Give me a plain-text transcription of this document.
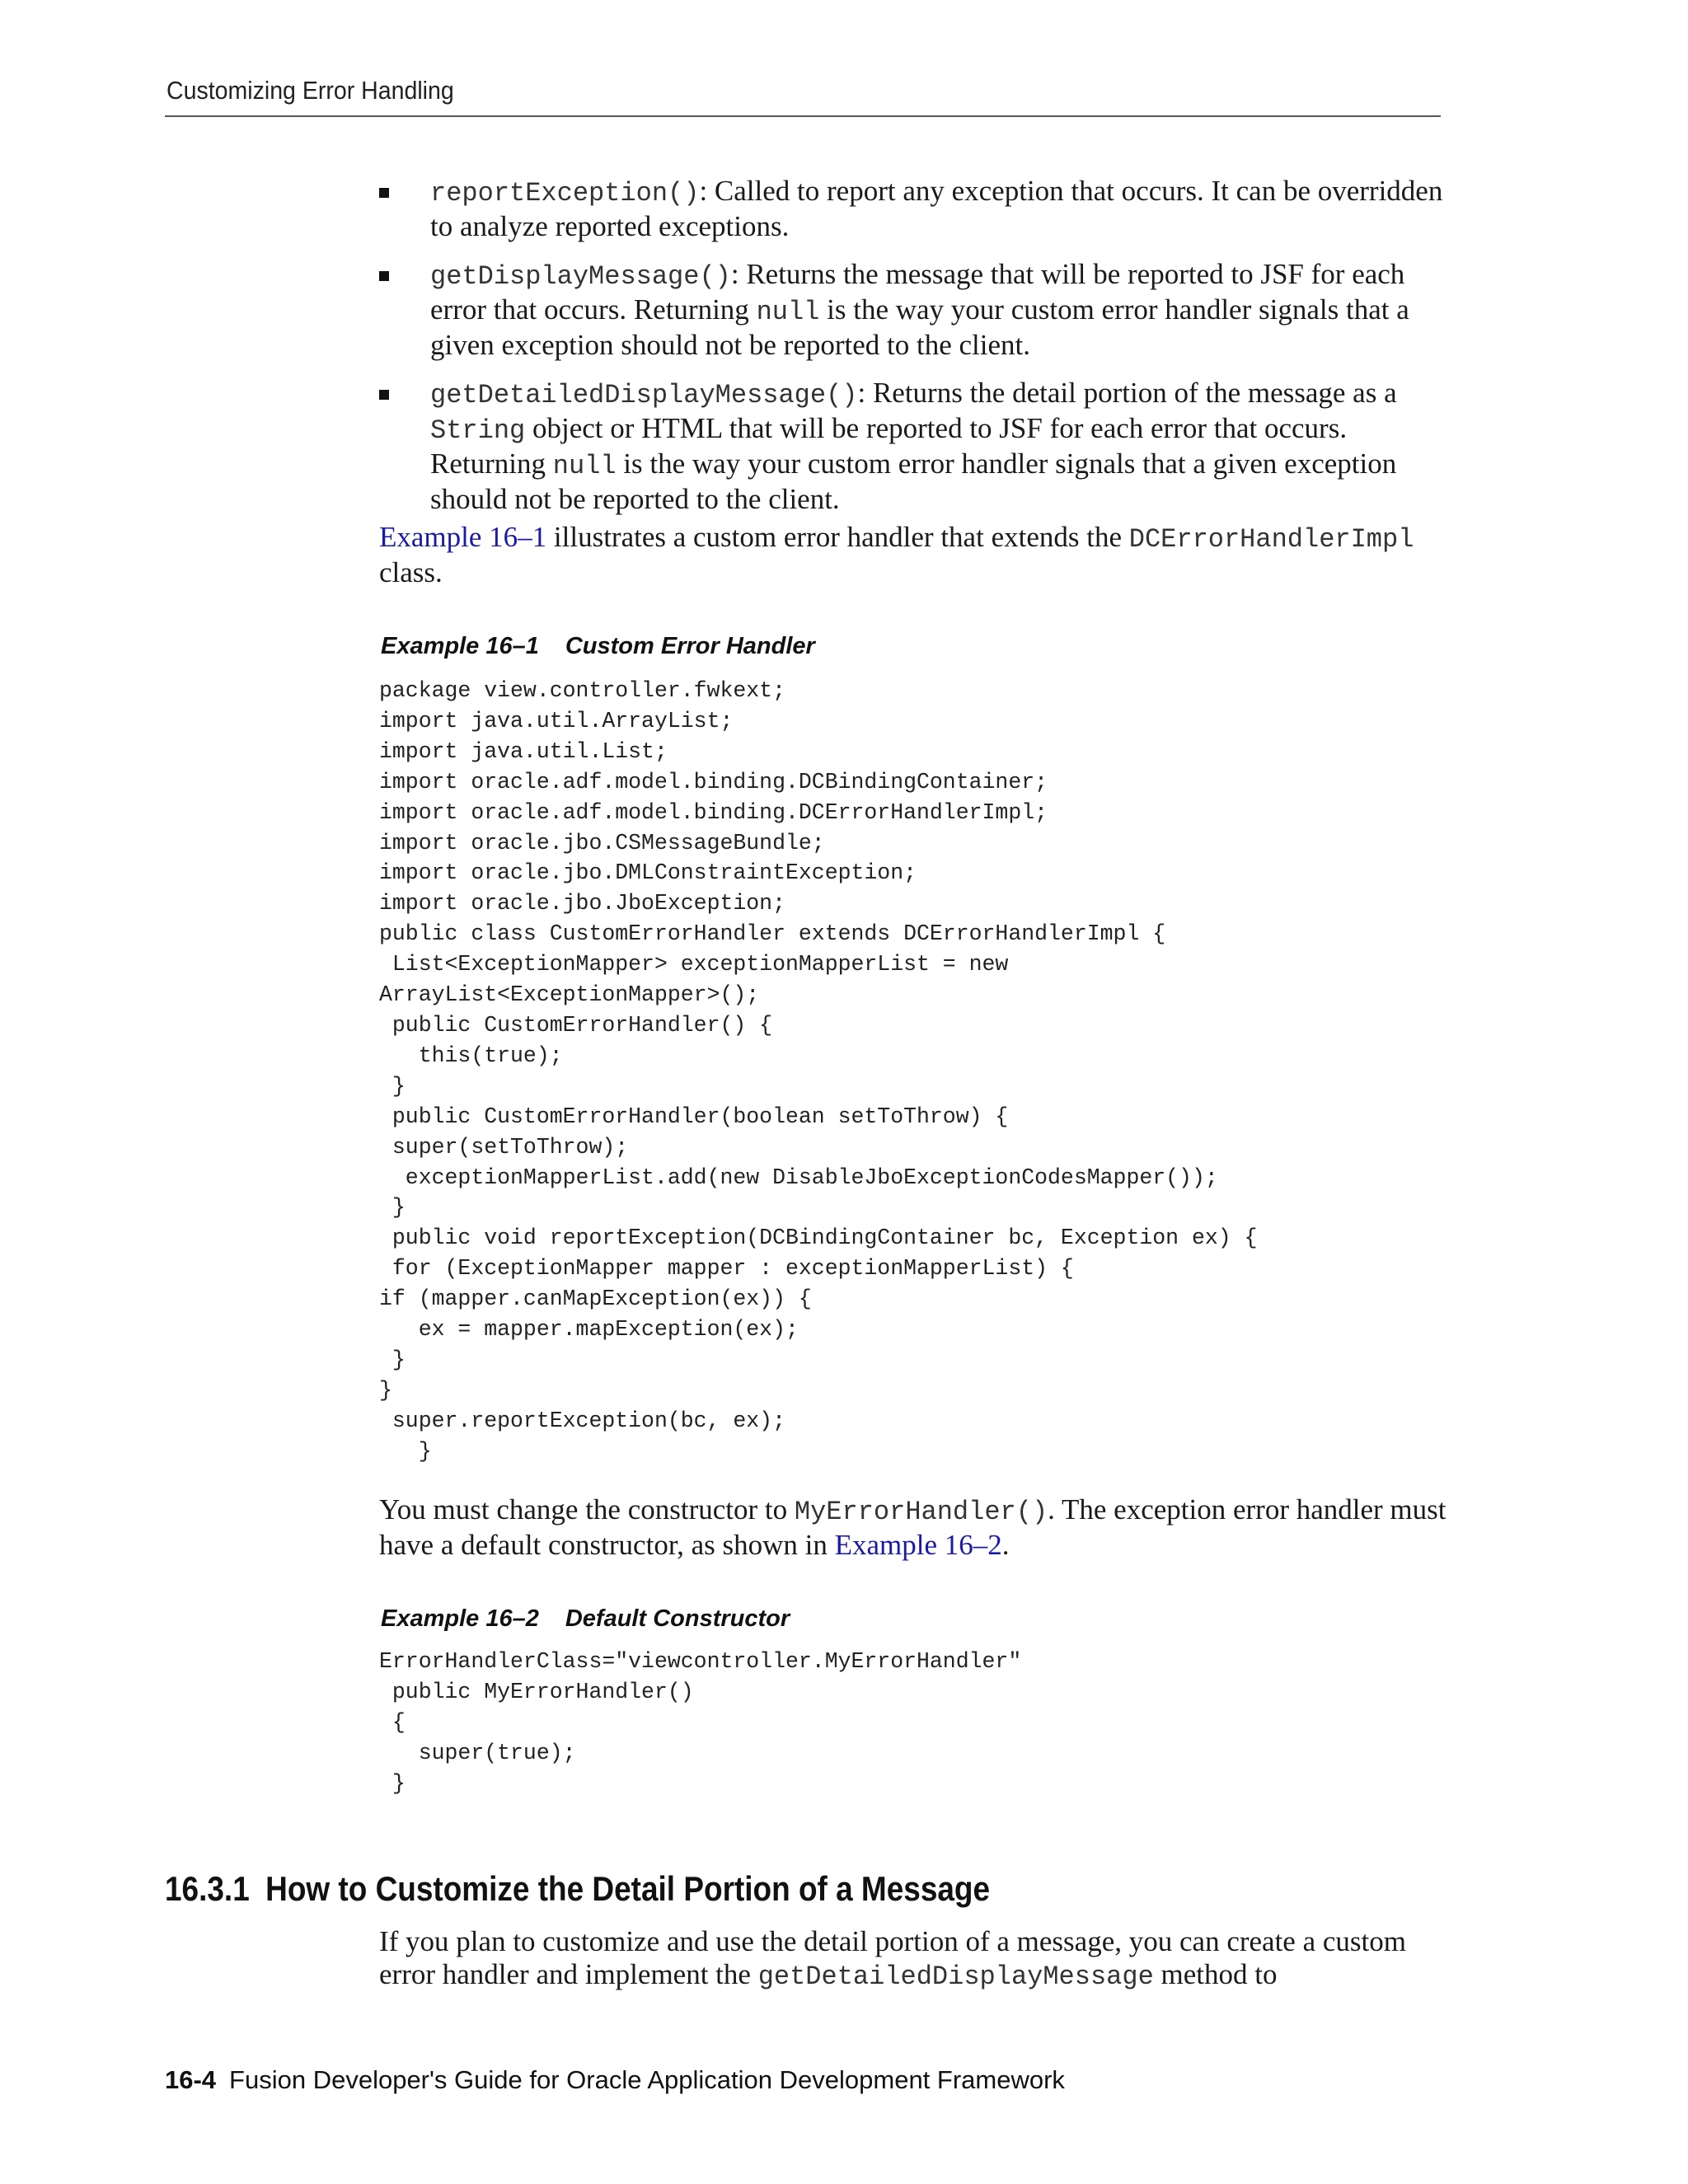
Customizing Error Handling
reportException(): Called to report any exception that occurs. It can be overridden to analyze reported exceptions.
getDisplayMessage(): Returns the message that will be reported to JSF for each error that occurs. Returning null is the way your custom error handler signals that a given exception should not be reported to the client.
getDetailedDisplayMessage(): Returns the detail portion of the message as a String object or HTML that will be reported to JSF for each error that occurs. Returning null is the way your custom error handler signals that a given exception should not be reported to the client.
Example 16–1 illustrates a custom error handler that extends the DCErrorHandlerImpl class.
Example 16–1 Custom Error Handler
package view.controller.fwkext;
import java.util.ArrayList;
import java.util.List;
import oracle.adf.model.binding.DCBindingContainer;
import oracle.adf.model.binding.DCErrorHandlerImpl;
import oracle.jbo.CSMessageBundle;
import oracle.jbo.DMLConstraintException;
import oracle.jbo.JboException;
public class CustomErrorHandler extends DCErrorHandlerImpl {
List<ExceptionMapper> exceptionMapperList = new
ArrayList<ExceptionMapper>();
public CustomErrorHandler() {
this(true);
}
public CustomErrorHandler(boolean setToThrow) {
super(setToThrow);
exceptionMapperList.add(new DisableJboExceptionCodesMapper());
}
public void reportException(DCBindingContainer bc, Exception ex) {
for (ExceptionMapper mapper : exceptionMapperList) {
if (mapper.canMapException(ex)) {
ex = mapper.mapException(ex);
}
}
super.reportException(bc, ex);
}
You must change the constructor to MyErrorHandler(). The exception error handler must have a default constructor, as shown in Example 16–2.
Example 16–2 Default Constructor
ErrorHandlerClass="viewcontroller.MyErrorHandler"
public MyErrorHandler()
{
super(true);
}
16.3.1 How to Customize the Detail Portion of a Message
If you plan to customize and use the detail portion of a message, you can create a custom error handler and implement the getDetailedDisplayMessage method to
16-4 Fusion Developer's Guide for Oracle Application Development Framework
